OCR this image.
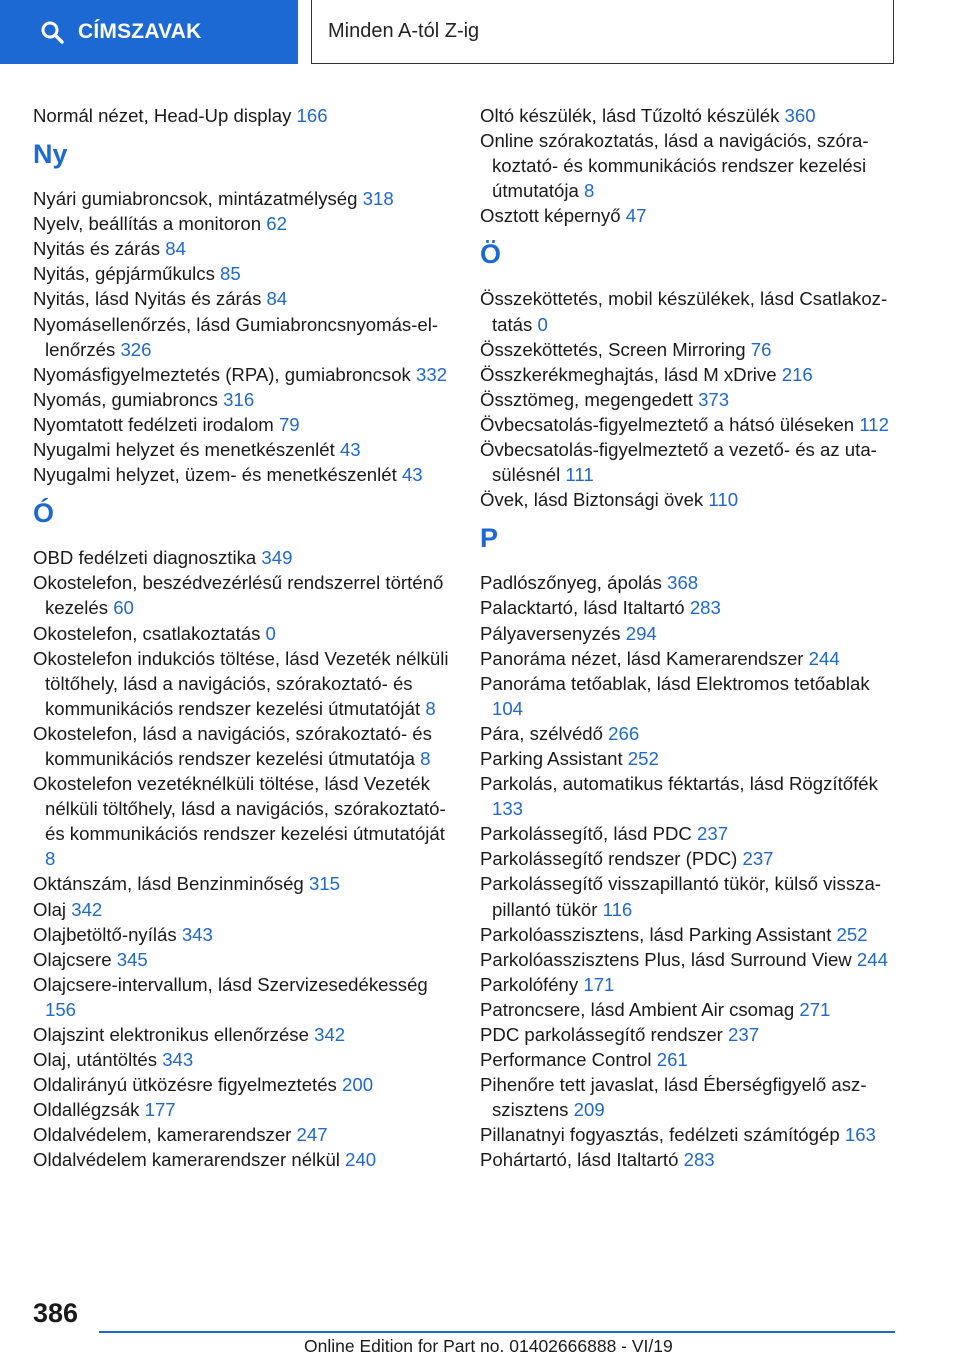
CÍMSZAVAK	Minden A-tól Z-ig
Normál nézet, Head-Up display 166
Ny
Nyári gumiabroncsok, mintázatmélység 318
Nyelv, beállítás a monitoron 62
Nyitás és zárás 84
Nyitás, gépjárműkulcs 85
Nyitás, lásd Nyitás és zárás 84
Nyomásellenőrzés, lásd Gumiabroncsnyomás-ellenőrzés 326
Nyomásfigyelmeztetés (RPA), gumiabroncsok 332
Nyomás, gumiabroncs 316
Nyomtatott fedélzeti irodalom 79
Nyugalmi helyzet és menetkészenlét 43
Nyugalmi helyzet, üzem- és menetkészenlét 43
Ó
OBD fedélzeti diagnosztika 349
Okostelefon, beszédvezérlésű rendszerrel történő kezelés 60
Okostelefon, csatlakoztatás 0
Okostelefon indukciós töltése, lásd Vezeték nélküli töltőhely, lásd a navigációs, szórakoztató- és kommunikációs rendszer kezelési útmutatóját 8
Okostelefon, lásd a navigációs, szórakoztató- és kommunikációs rendszer kezelési útmutatója 8
Okostelefon vezetéknélküli töltése, lásd Vezeték nélküli töltőhely, lásd a navigációs, szórakoztató- és kommunikációs rendszer kezelési útmutatóját 8
Oktánszám, lásd Benzinminőség 315
Olaj 342
Olajbetöltő-nyílás 343
Olajcsere 345
Olajcsere-intervallum, lásd Szervizesedékesség 156
Olajszint elektronikus ellenőrzése 342
Olaj, utántöltés 343
Oldalirányú ütközésre figyelmeztetés 200
Oldallégzsák 177
Oldalvédelem, kamerarendszer 247
Oldalvédelem kamerarendszer nélkül 240
Oltó készülék, lásd Tűzoltó készülék 360
Online szórakoztatás, lásd a navigációs, szórakoztató- és kommunikációs rendszer kezelési útmutatója 8
Osztott képernyő 47
Ö
Összeköttetés, mobil készülékek, lásd Csatlakoztatás 0
Összeköttetés, Screen Mirroring 76
Összkerékmeghajtás, lásd M xDrive 216
Össztömeg, megengedett 373
Övbecsatolás-figyelmeztető a hátsó üléseken 112
Övbecsatolás-figyelmeztető a vezető- és az utasülésnél 111
Övek, lásd Biztonsági övek 110
P
Padlószőnyeg, ápolás 368
Palacktartó, lásd Italtartó 283
Pályaversenyzés 294
Panoráma nézet, lásd Kamerarendszer 244
Panoráma tetőablak, lásd Elektromos tetőablak 104
Pára, szélvédő 266
Parking Assistant 252
Parkolás, automatikus féktartás, lásd Rögzítőfék 133
Parkolássegítő, lásd PDC 237
Parkolássegítő rendszer (PDC) 237
Parkolássegítő visszapillantó tükör, külső visszapillantó tükör 116
Parkolóasszisztens, lásd Parking Assistant 252
Parkolóasszisztens Plus, lásd Surround View 244
Parkolófény 171
Patroncsere, lásd Ambient Air csomag 271
PDC parkolássegítő rendszer 237
Performance Control 261
Pihenőre tett javaslat, lásd Éberségfigyelő aszszisztens 209
Pillanatnyi fogyasztás, fedélzeti számítógép 163
Pohártartó, lásd Italtartó 283
386
Online Edition for Part no. 01402666888 - VI/19
